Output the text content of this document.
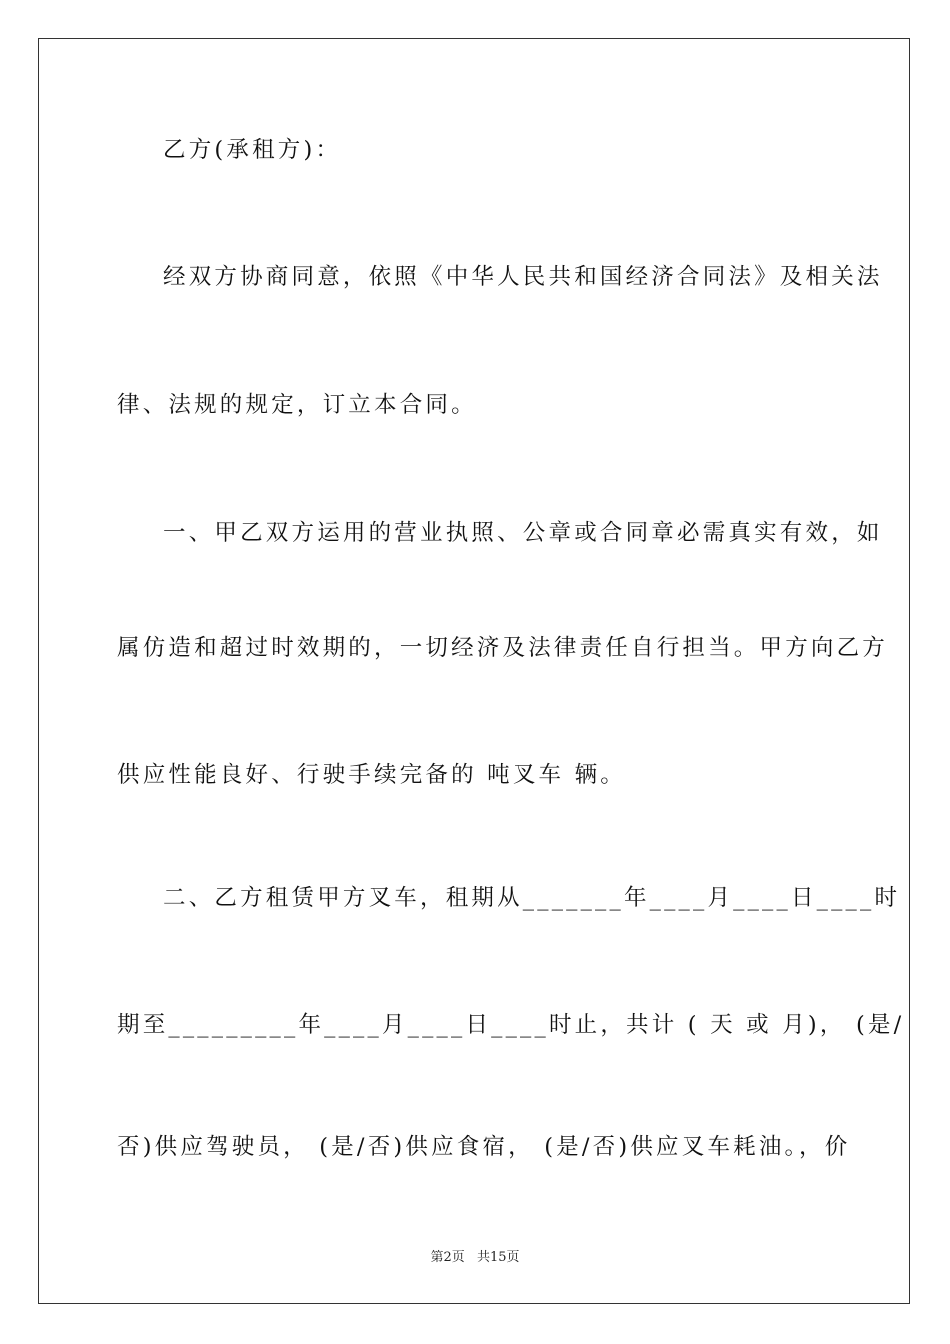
乙方(承租方)：
经双方协商同意，依照《中华人民共和国经济合同法》及相关法
律、法规的规定，订立本合同。
一、甲乙双方运用的营业执照、公章或合同章必需真实有效，如
属仿造和超过时效期的，一切经济及法律责任自行担当。甲方向乙方
供应性能良好、行驶手续完备的 吨叉车 辆。
二、乙方租赁甲方叉车，租期从_______年____月____日____时
期至_________年____月____日____时止，共计 ( 天 或 月)， (是/
否)供应驾驶员， (是/否)供应食宿， (是/否)供应叉车耗油。，价
第2页 共15页
